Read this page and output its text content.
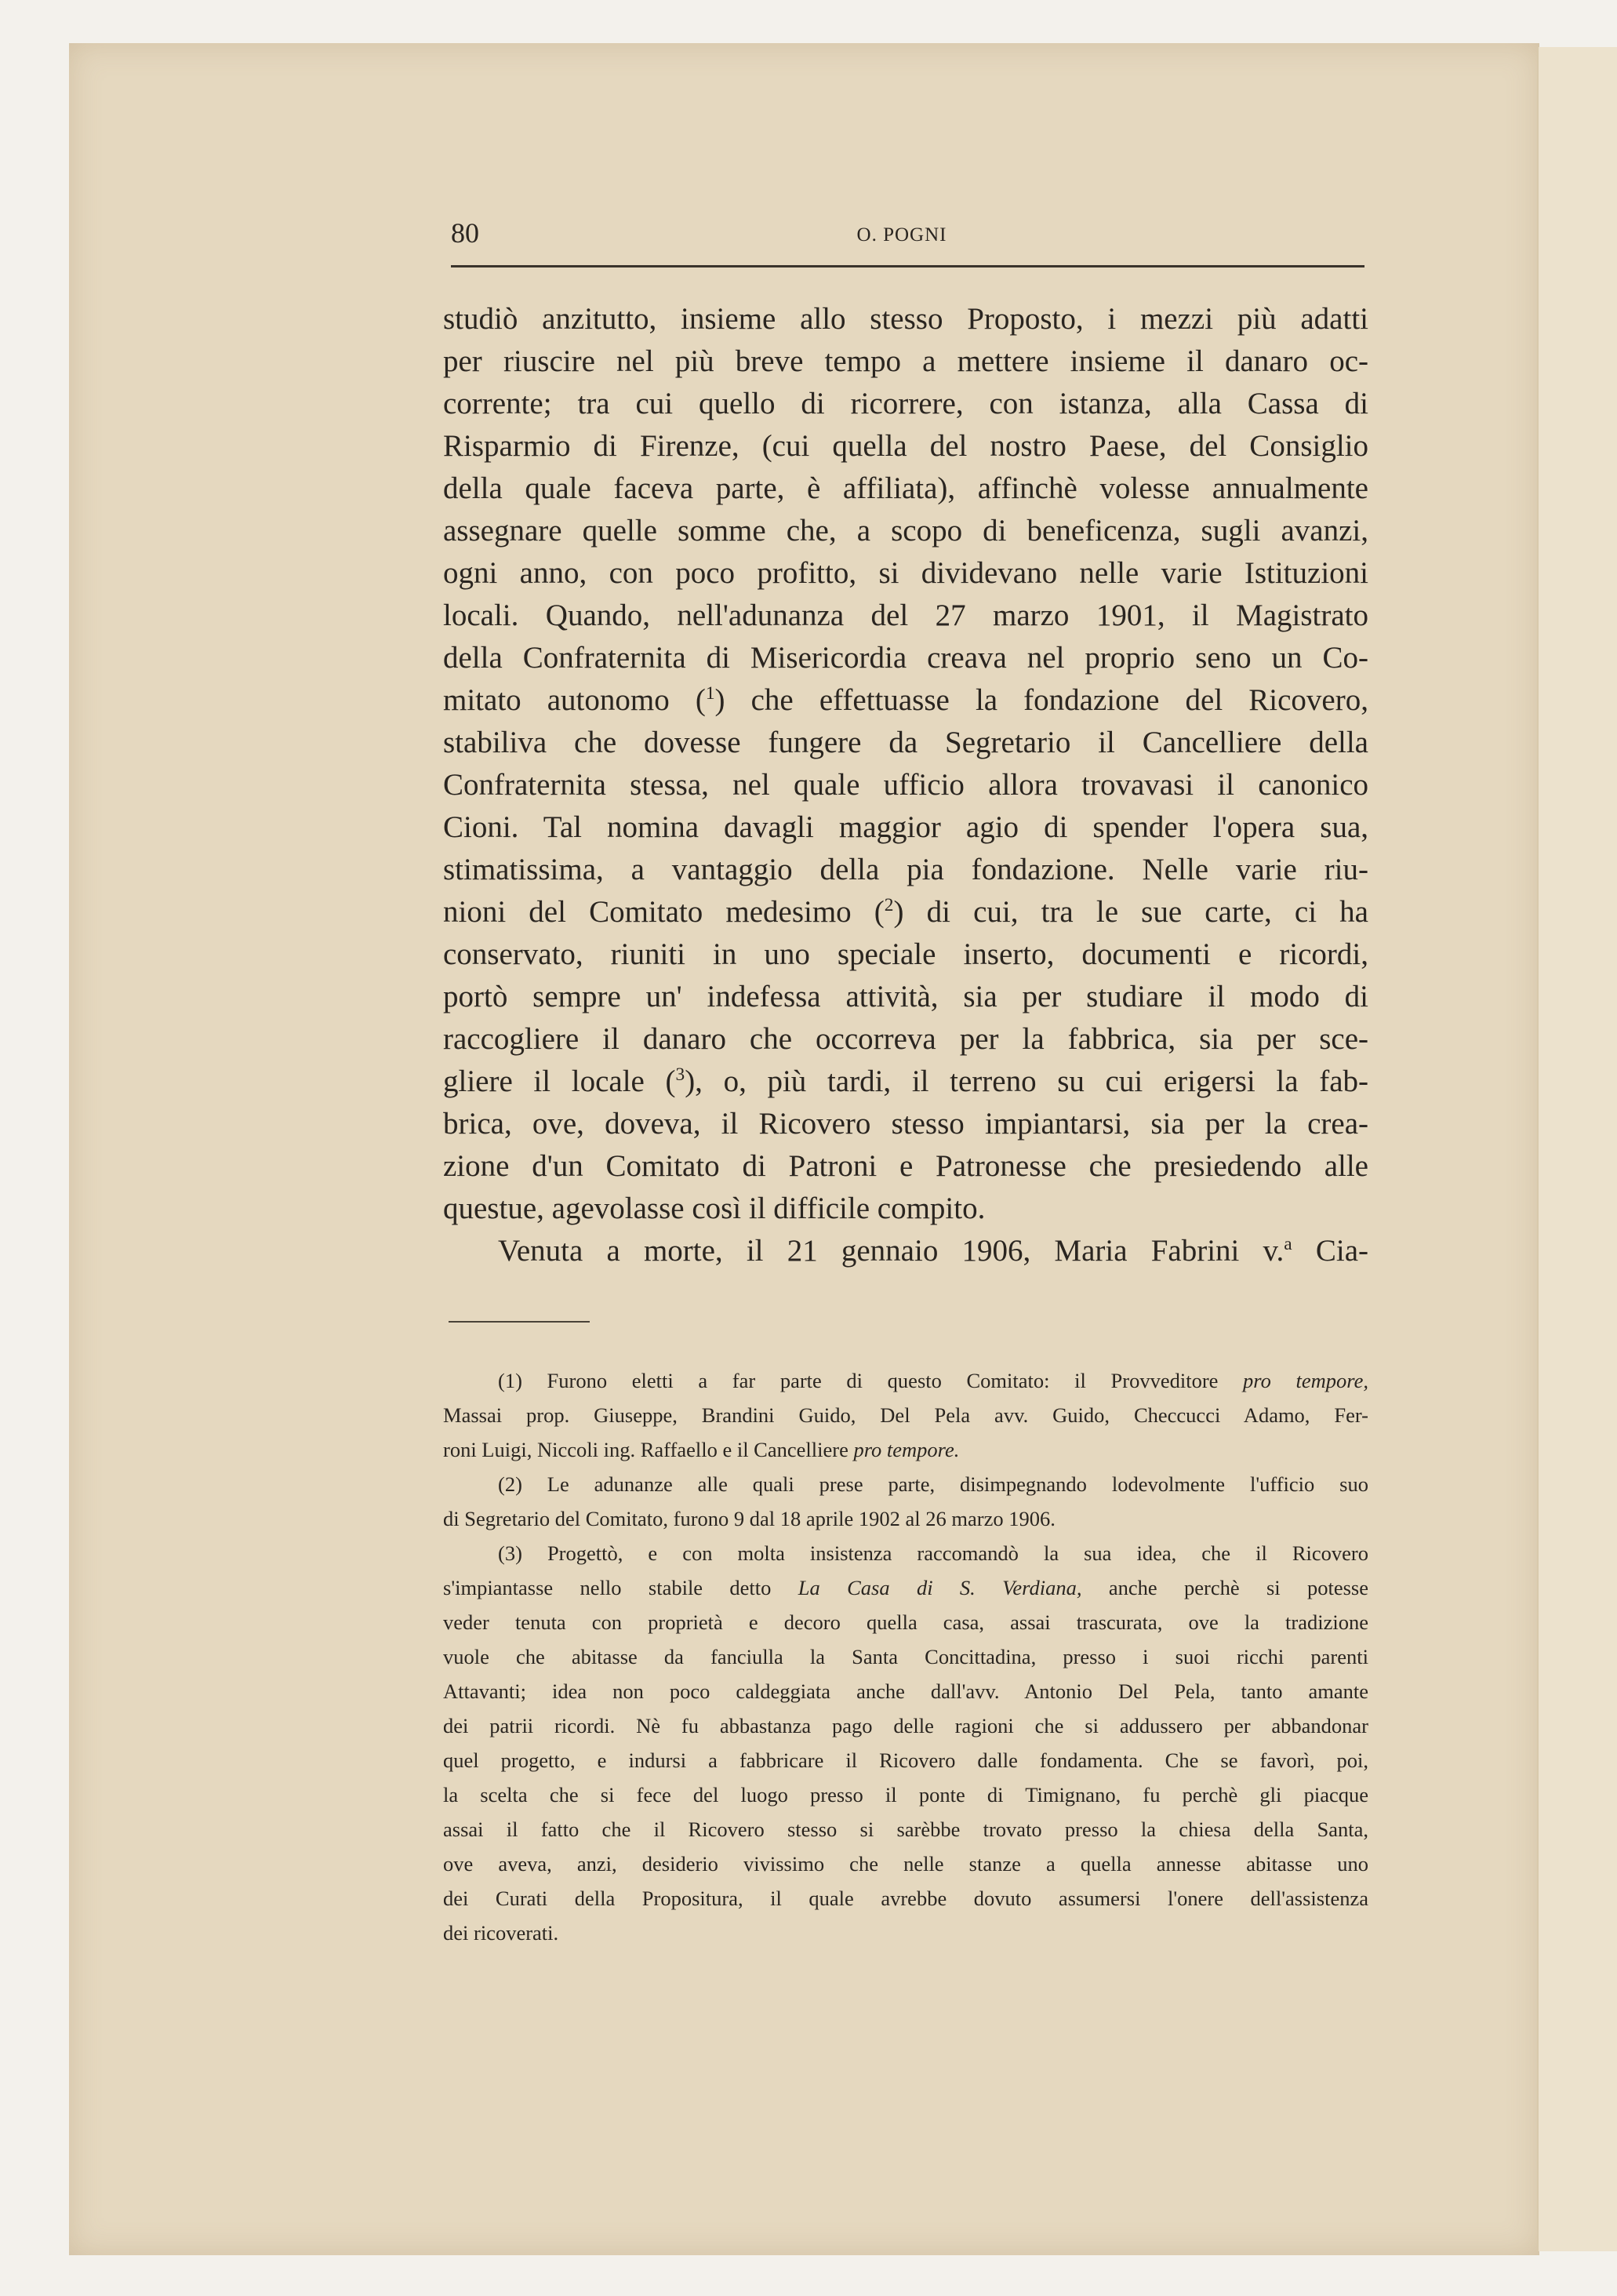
80	O. POGNI
studiò anzitutto, insieme allo stesso Proposto, i mezzi più adatti
per riuscire nel più breve tempo a mettere insieme il danaro oc-
corrente; tra cui quello di ricorrere, con istanza, alla Cassa di
Risparmio di Firenze, (cui quella del nostro Paese, del Consiglio
della quale faceva parte, è affiliata), affinchè volesse annualmente
assegnare quelle somme che, a scopo di beneficenza, sugli avanzi,
ogni anno, con poco profitto, si dividevano nelle varie Istituzioni
locali. Quando, nell'adunanza del 27 marzo 1901, il Magistrato
della Confraternita di Misericordia creava nel proprio seno un Co-
mitato autonomo ($^1$) che effettuasse la fondazione del Ricovero,
stabiliva che dovesse fungere da Segretario il Cancelliere della
Confraternita stessa, nel quale ufficio allora trovavasi il canonico
Cioni. Tal nomina davagli maggior agio di spender l'opera sua,
stimatissima, a vantaggio della pia fondazione. Nelle varie riu-
nioni del Comitato medesimo ($^2$) di cui, tra le sue carte, ci ha
conservato, riuniti in uno speciale inserto, documenti e ricordi,
portò sempre un' indefessa attività, sia per studiare il modo di
raccogliere il danaro che occorreva per la fabbrica, sia per sce-
gliere il locale ($^3$), o, più tardi, il terreno su cui erigersi la fab-
brica, ove, doveva, il Ricovero stesso impiantarsi, sia per la crea-
zione d'un Comitato di Patroni e Patronesse che presiedendo alle
questue, agevolasse così il difficile compito.
Venuta a morte, il 21 gennaio 1906, Maria Fabrini v.$^a$ Cia-
(1) Furono eletti a far parte di questo Comitato: il Provveditore pro tempore,
Massai prop. Giuseppe, Brandini Guido, Del Pela avv. Guido, Checcucci Adamo, Fer-
roni Luigi, Niccoli ing. Raffaello e il Cancelliere pro tempore.
(2) Le adunanze alle quali prese parte, disimpegnando lodevolmente l'ufficio suo
di Segretario del Comitato, furono 9 dal 18 aprile 1902 al 26 marzo 1906.
(3) Progettò, e con molta insistenza raccomandò la sua idea, che il Ricovero
s'impiantasse nello stabile detto La Casa di S. Verdiana, anche perchè si potesse
veder tenuta con proprietà e decoro quella casa, assai trascurata, ove la tradizione
vuole che abitasse da fanciulla la Santa Concittadina, presso i suoi ricchi parenti
Attavanti; idea non poco caldeggiata anche dall'avv. Antonio Del Pela, tanto amante
dei patrii ricordi. Nè fu abbastanza pago delle ragioni che si addussero per abbandonar
quel progetto, e indursi a fabbricare il Ricovero dalle fondamenta. Che se favorì, poi,
la scelta che si fece del luogo presso il ponte di Timignano, fu perchè gli piacque
assai il fatto che il Ricovero stesso si sarèbbe trovato presso la chiesa della Santa,
ove aveva, anzi, desiderio vivissimo che nelle stanze a quella annesse abitasse uno
dei Curati della Propositura, il quale avrebbe dovuto assumersi l'onere dell'assistenza
dei ricoverati.
